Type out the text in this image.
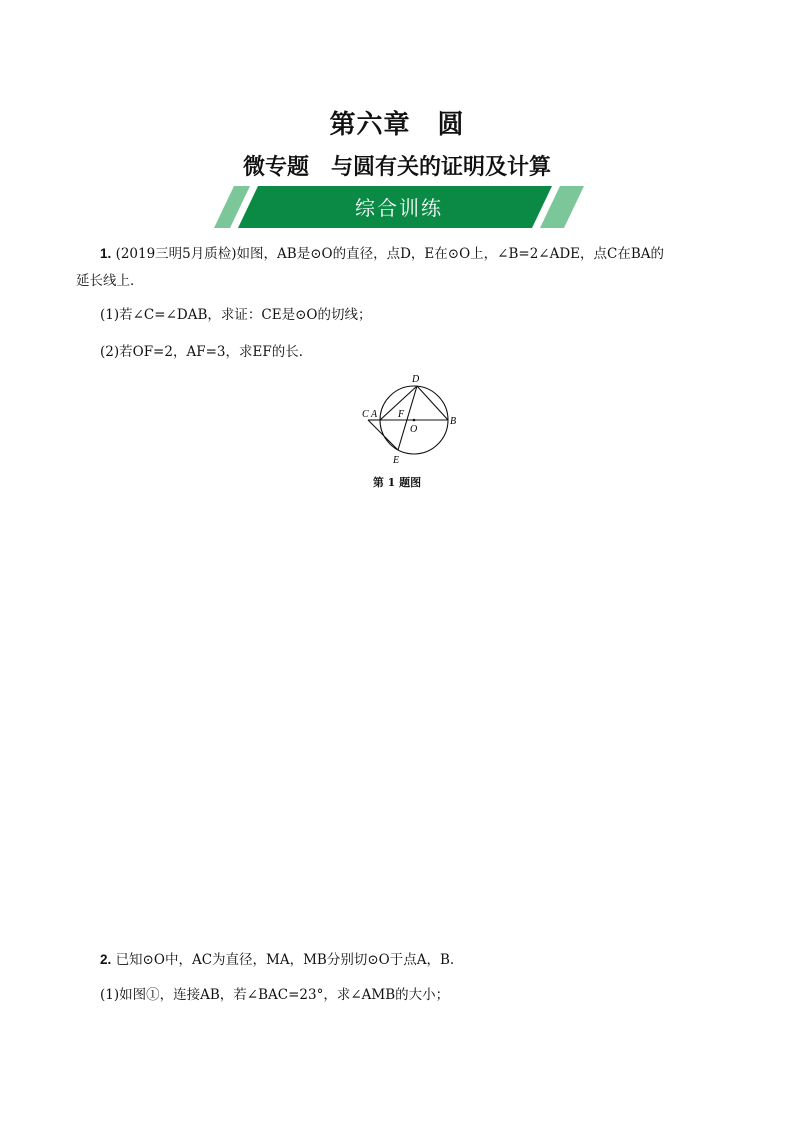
第六章　圆
微专题　与圆有关的证明及计算
综合训练
1. (2019三明5月质检)如图，AB是⊙O的直径，点D，E在⊙O上，∠B=2∠ADE，点C在BA的
延长线上．
(1)若∠C=∠DAB，求证：CE是⊙O的切线；
(2)若OF=2，AF=3，求EF的长．
C A F
O
D
B
E
第 1 题图
2. 已知⊙O中，AC为直径，MA，MB分别切⊙O于点A，B.
(1)如图①，连接AB，若∠BAC=23°，求∠AMB的大小；
